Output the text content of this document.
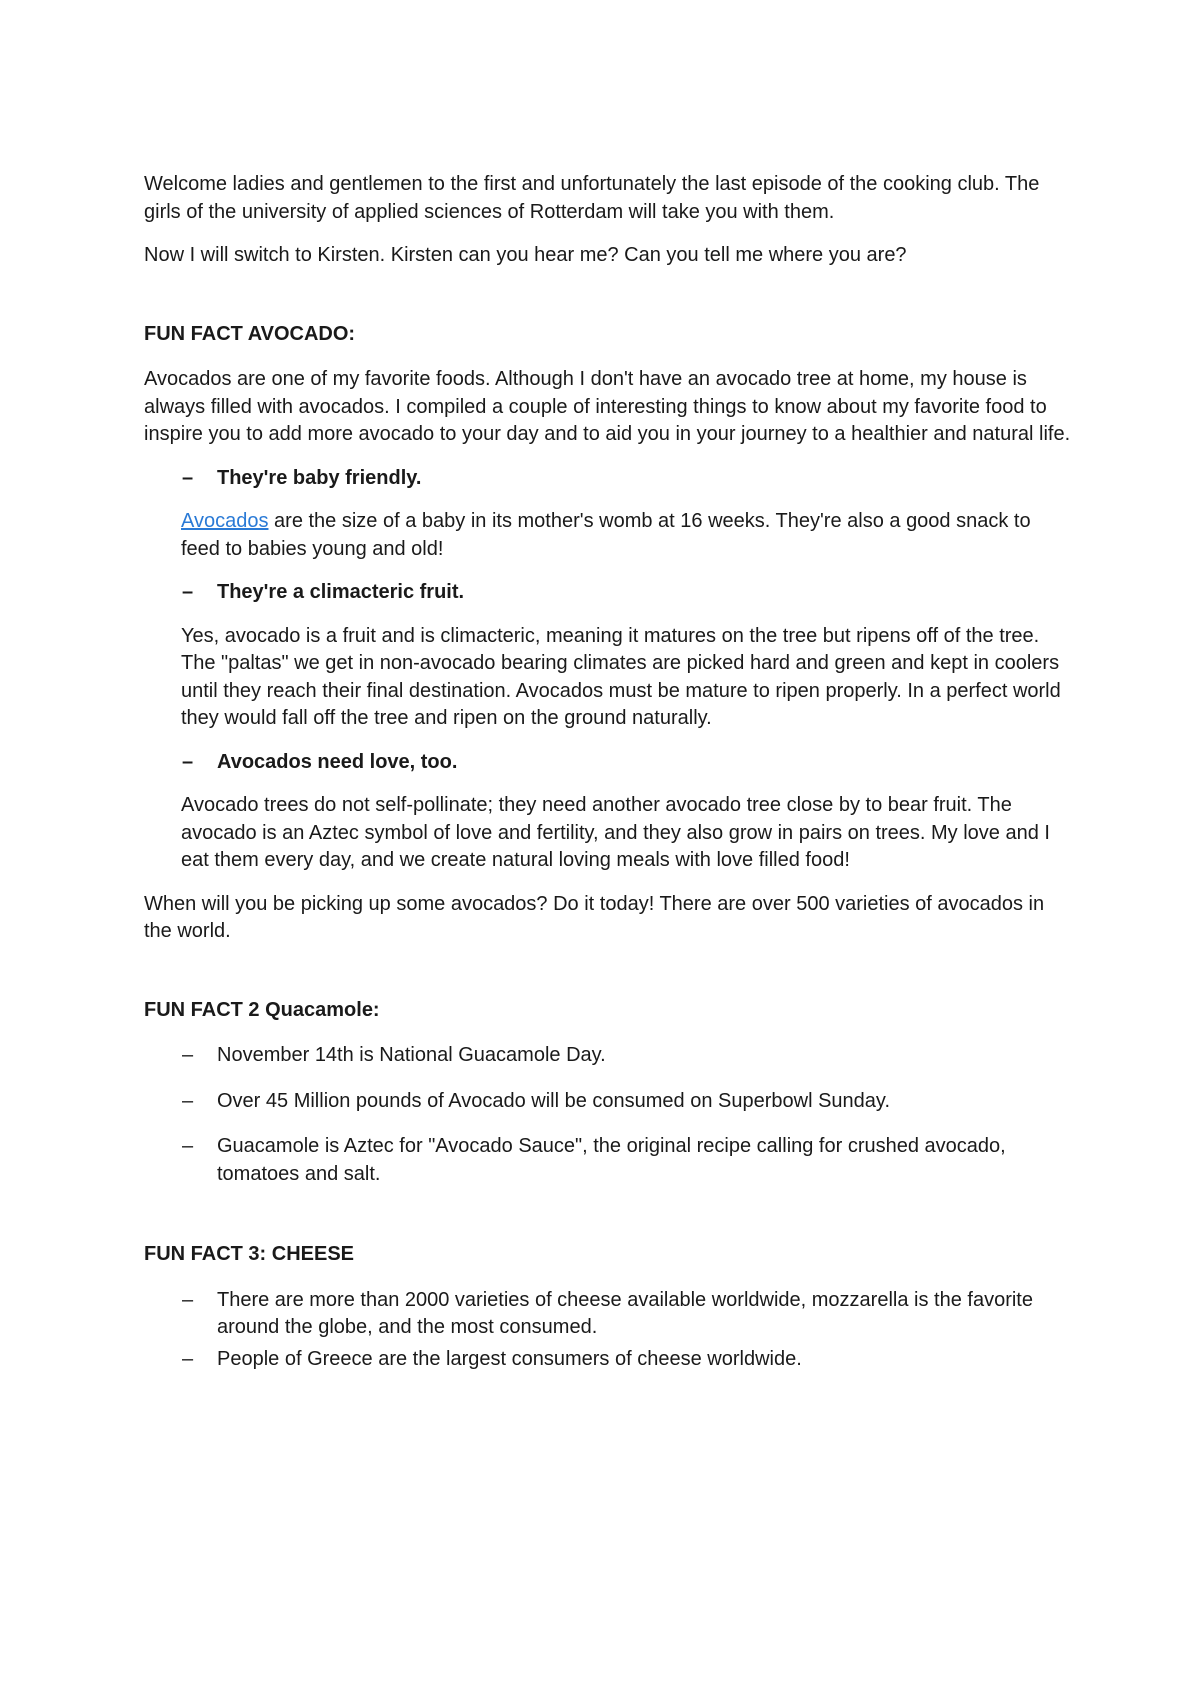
Welcome ladies and gentlemen to the first and unfortunately the last episode of the cooking club. The girls of the university of applied sciences of Rotterdam will take you with them.

Now I will switch to Kirsten. Kirsten can you hear me? Can you tell me where you are?

FUN FACT AVOCADO:

Avocados are one of my favorite foods. Although I don't have an avocado tree at home, my house is always filled with avocados. I compiled a couple of interesting things to know about my favorite food to inspire you to add more avocado to your day and to aid you in your journey to a healthier and natural life.

– They're baby friendly.

Avocados are the size of a baby in its mother's womb at 16 weeks. They're also a good snack to feed to babies young and old!

– They're a climacteric fruit.

Yes, avocado is a fruit and is climacteric, meaning it matures on the tree but ripens off of the tree. The "paltas" we get in non-avocado bearing climates are picked hard and green and kept in coolers until they reach their final destination. Avocados must be mature to ripen properly. In a perfect world they would fall off the tree and ripen on the ground naturally.

– Avocados need love, too.

Avocado trees do not self-pollinate; they need another avocado tree close by to bear fruit. The avocado is an Aztec symbol of love and fertility, and they also grow in pairs on trees. My love and I eat them every day, and we create natural loving meals with love filled food!

When will you be picking up some avocados? Do it today! There are over 500 varieties of avocados in the world.

FUN FACT 2 Quacamole:

– November 14th is National Guacamole Day.
– Over 45 Million pounds of Avocado will be consumed on Superbowl Sunday.
– Guacamole is Aztec for "Avocado Sauce", the original recipe calling for crushed avocado, tomatoes and salt.

FUN FACT 3: CHEESE

– There are more than 2000 varieties of cheese available worldwide, mozzarella is the favorite around the globe, and the most consumed.
– People of Greece are the largest consumers of cheese worldwide.
